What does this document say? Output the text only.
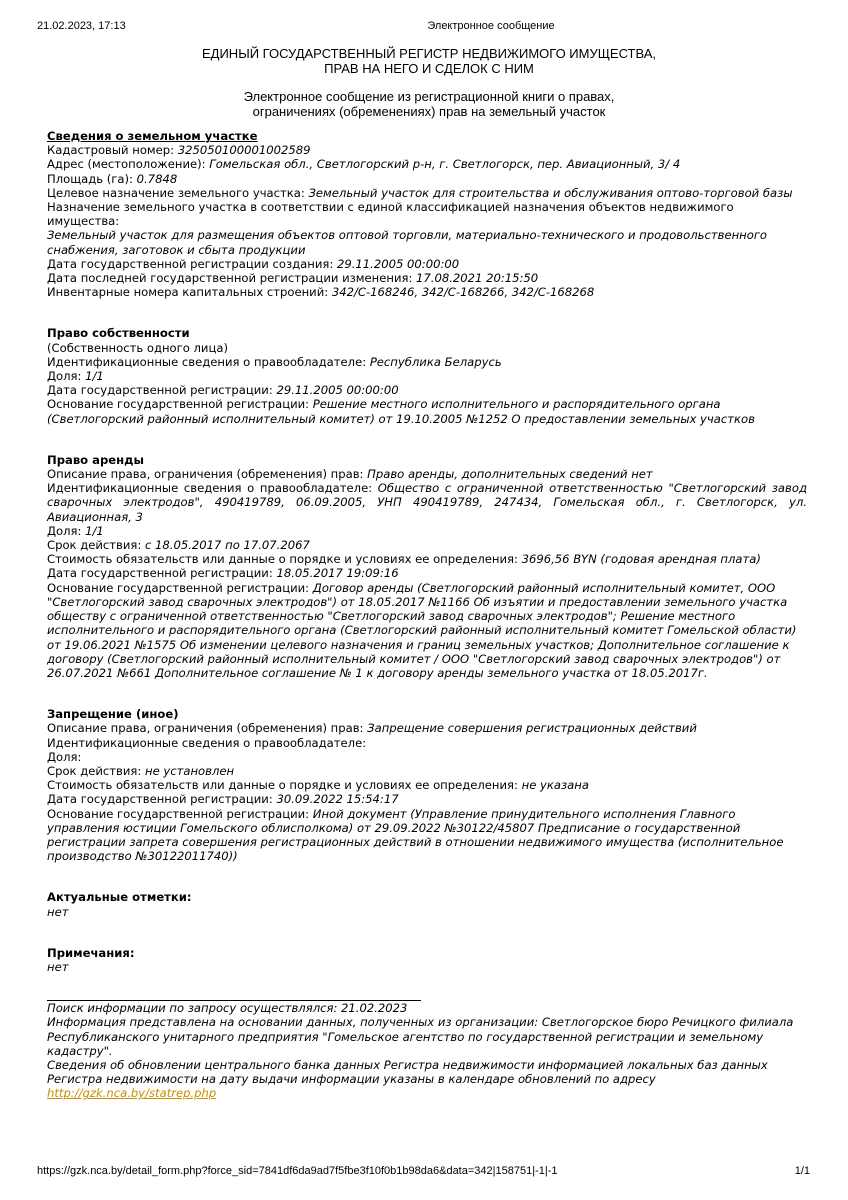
21.02.2023, 17:13	Электронное сообщение
ЕДИНЫЙ ГОСУДАРСТВЕННЫЙ РЕГИСТР НЕДВИЖИМОГО ИМУЩЕСТВА,
ПРАВ НА НЕГО И СДЕЛОК С НИМ
Электронное сообщение из регистрационной книги о правах,
ограничениях (обременениях) прав на земельный участок
Сведения о земельном участке
Кадастровый номер: 325050100001002589
Адрес (местоположение): Гомельская обл., Светлогорский р-н, г. Светлогорск, пер. Авиационный, 3/ 4
Площадь (га): 0.7848
Целевое назначение земельного участка: Земельный участок для строительства и обслуживания оптово-торговой базы
Назначение земельного участка в соответствии с единой классификацией назначения объектов недвижимого имущества:
Земельный участок для размещения объектов оптовой торговли, материально-технического и продовольственного снабжения, заготовок и сбыта продукции
Дата государственной регистрации создания: 29.11.2005 00:00:00
Дата последней государственной регистрации изменения: 17.08.2021 20:15:50
Инвентарные номера капитальных строений: 342/С-168246, 342/С-168266, 342/С-168268
Право собственности
(Собственность одного лица)
Идентификационные сведения о правообладателе: Республика Беларусь
Доля: 1/1
Дата государственной регистрации: 29.11.2005 00:00:00
Основание государственной регистрации: Решение местного исполнительного и распорядительного органа (Светлогорский районный исполнительный комитет) от 19.10.2005 №1252 О предоставлении земельных участков
Право аренды
Описание права, ограничения (обременения) прав: Право аренды, дополнительных сведений нет
Идентификационные сведения о правообладателе: Общество с ограниченной ответственностью "Светлогорский завод сварочных электродов", 490419789, 06.09.2005, УНП 490419789, 247434, Гомельская обл., г. Светлогорск, ул. Авиационная, 3
Доля: 1/1
Срок действия: с 18.05.2017 по 17.07.2067
Стоимость обязательств или данные о порядке и условиях ее определения: 3696,56 BYN (годовая арендная плата)
Дата государственной регистрации: 18.05.2017 19:09:16
Основание государственной регистрации: Договор аренды (Светлогорский районный исполнительный комитет, ООО "Светлогорский завод сварочных электродов") от 18.05.2017 №1166 Об изъятии и предоставлении земельного участка обществу с ограниченной ответственностью "Светлогорский завод сварочных электродов"; Решение местного исполнительного и распорядительного органа (Светлогорский районный исполнительный комитет Гомельской области) от 19.06.2021 №1575 Об изменении целевого назначения и границ земельных участков; Дополнительное соглашение к договору (Светлогорский районный исполнительный комитет / ООО "Светлогорский завод сварочных электродов") от 26.07.2021 №661 Дополнительное соглашение № 1 к договору аренды земельного участка от 18.05.2017г.
Запрещение (иное)
Описание права, ограничения (обременения) прав: Запрещение совершения регистрационных действий
Идентификационные сведения о правообладателе:
Доля:
Срок действия: не установлен
Стоимость обязательств или данные о порядке и условиях ее определения: не указана
Дата государственной регистрации: 30.09.2022 15:54:17
Основание государственной регистрации: Иной документ (Управление принудительного исполнения Главного управления юстиции Гомельского облисполкома) от 29.09.2022 №30122/45807 Предписание о государственной регистрации запрета совершения регистрационных действий в отношении недвижимого имущества (исполнительное производство №30122011740))
Актуальные отметки:
нет
Примечания:
нет
Поиск информации по запросу осуществлялся: 21.02.2023
Информация представлена на основании данных, полученных из организации: Светлогорское бюро Речицкого филиала Республиканского унитарного предприятия "Гомельское агентство по государственной регистрации и земельному кадастру".
Сведения об обновлении центрального банка данных Регистра недвижимости информацией локальных баз данных Регистра недвижимости на дату выдачи информации указаны в календаре обновлений по адресу
http://gzk.nca.by/statrep.php
https://gzk.nca.by/detail_form.php?force_sid=7841df6da9ad7f5fbe3f10f0b1b98da6&data=342|158751|-1|-1	1/1
